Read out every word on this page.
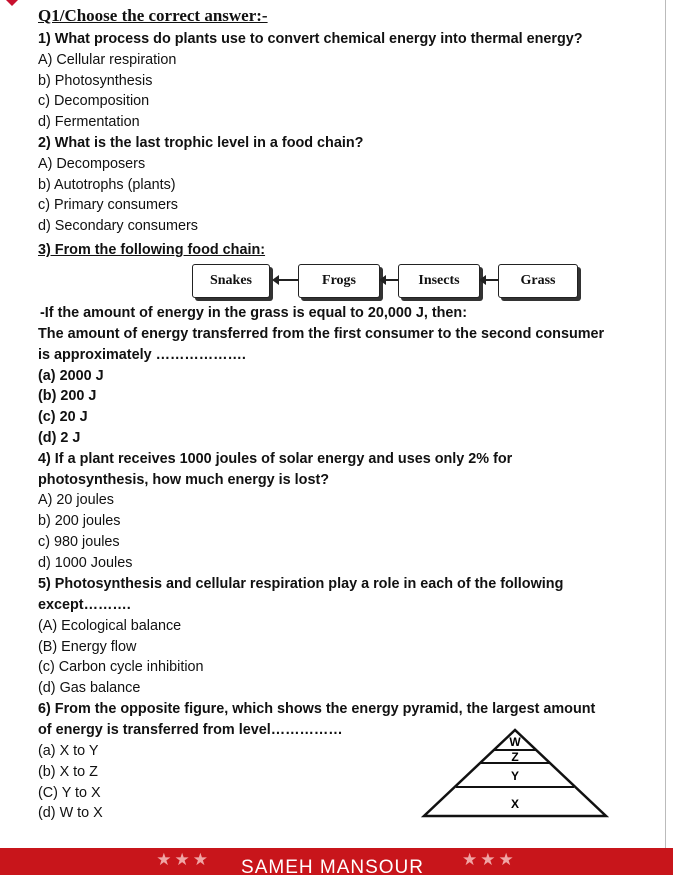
Q1/Choose the correct answer:-
1) What process do plants use to convert chemical energy into thermal energy?
A) Cellular respiration
b) Photosynthesis
c) Decomposition
d) Fermentation
2) What is the last trophic level in a food chain?
A) Decomposers
b) Autotrophs (plants)
c) Primary consumers
d) Secondary consumers
3) From the following food chain:
Snakes	Frogs	Insects	Grass
-If the amount of energy in the grass is equal to 20,000 J, then:
The amount of energy transferred from the first consumer to the second consumer
is approximately ……………….
(a) 2000 J
(b) 200 J
(c) 20 J
(d) 2 J
4) If a plant receives 1000 joules of solar energy and uses only 2% for
photosynthesis, how much energy is lost?
A) 20 joules
b) 200 joules
c) 980 joules
d) 1000 Joules
5) Photosynthesis and cellular respiration play a role in each of the following
except……….
(A) Ecological balance
(B) Energy flow
(c) Carbon cycle inhibition
(d) Gas balance
6) From the opposite figure, which shows the energy pyramid, the largest amount
of energy is transferred from level……………
(a) X to Y
(b) X to Z
(C) Y to X
(d) W to X
W
Z
Y
X
★★★ SAMEH MANSOUR ★★★
